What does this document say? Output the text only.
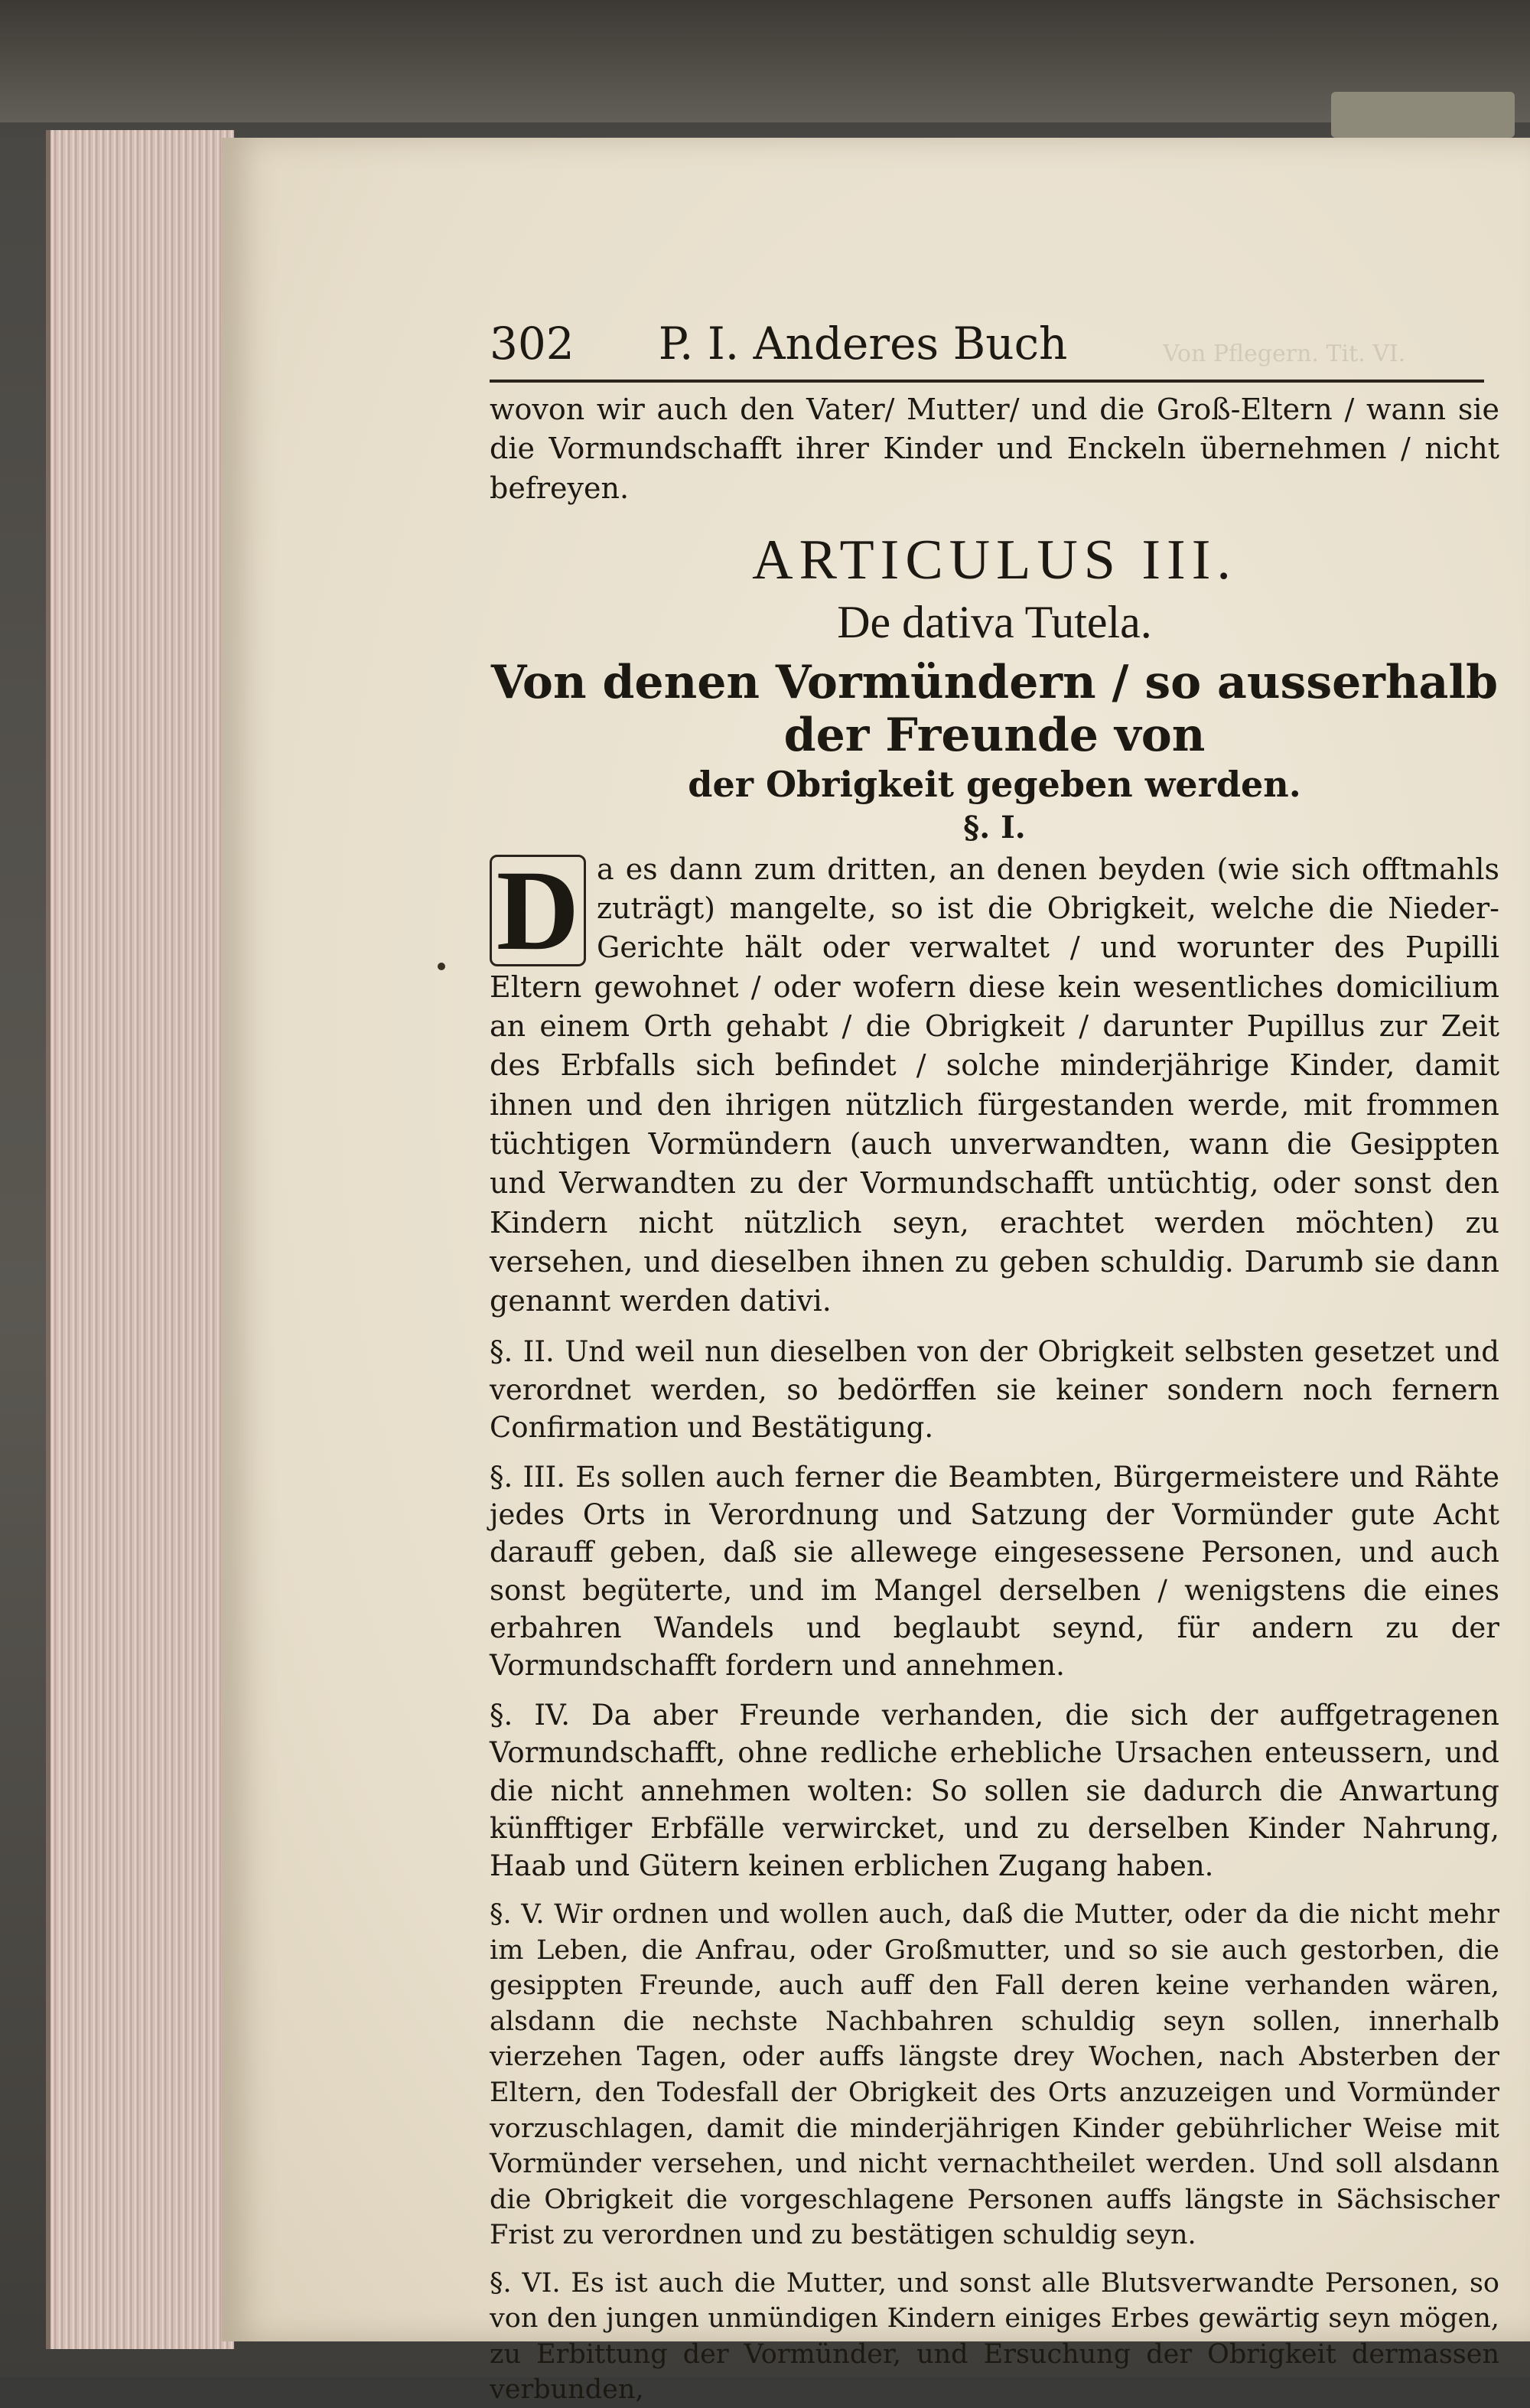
Von Pflegern. Tit. VI.
302 P. I. Anderes Buch

wovon wir auch den Vater/ Mutter/ und die Groß-Eltern / wann sie die Vormundschafft ihrer Kinder und Enckeln übernehmen / nicht befreyen.

ARTICULUS III.
De dativa Tutela.
Von denen Vormündern / so ausserhalb der Freunde von
der Obrigkeit gegeben werden.
§. I.
D a es dann zum dritten, an denen beyden (wie sich offtmahls zuträgt) mangelte, so ist die Obrigkeit, welche die Nieder-Gerichte hält oder verwaltet / und worunter des Pupilli Eltern gewohnet / oder wofern diese kein wesentliches domicilium an einem Orth gehabt / die Obrigkeit / darunter Pupillus zur Zeit des Erbfalls sich befindet / solche minderjährige Kinder, damit ihnen und den ihrigen nützlich fürgestanden werde, mit frommen tüchtigen Vormündern (auch unverwandten, wann die Gesippten und Verwandten zu der Vormundschafft untüchtig, oder sonst den Kindern nicht nützlich seyn, erachtet werden möchten) zu versehen, und dieselben ihnen zu geben schuldig. Darumb sie dann genannt werden dativi.

§. II. Und weil nun dieselben von der Obrigkeit selbsten gesetzet und verordnet werden, so bedörffen sie keiner sondern noch fernern Confirmation und Bestätigung.

§. III. Es sollen auch ferner die Beambten, Bürgermeistere und Rähte jedes Orts in Verordnung und Satzung der Vormünder gute Acht darauff geben, daß sie allewege eingesessene Personen, und auch sonst begüterte, und im Mangel derselben / wenigstens die eines erbahren Wandels und beglaubt seynd, für andern zu der Vormundschafft fordern und annehmen.

§. IV. Da aber Freunde verhanden, die sich der auffgetragenen Vormundschafft, ohne redliche erhebliche Ursachen enteussern, und die nicht annehmen wolten: So sollen sie dadurch die Anwartung künfftiger Erbfälle verwircket, und zu derselben Kinder Nahrung, Haab und Gütern keinen erblichen Zugang haben.

§. V. Wir ordnen und wollen auch, daß die Mutter, oder da die nicht mehr im Leben, die Anfrau, oder Großmutter, und so sie auch gestorben, die gesippten Freunde, auch auff den Fall deren keine verhanden wären, alsdann die nechste Nachbahren schuldig seyn sollen, innerhalb vierzehen Tagen, oder auffs längste drey Wochen, nach Absterben der Eltern, den Todesfall der Obrigkeit des Orts anzuzeigen und Vormünder vorzuschlagen, damit die minderjährigen Kinder gebührlicher Weise mit Vormünder versehen, und nicht vernachtheilet werden. Und soll alsdann die Obrigkeit die vorgeschlagene Personen auffs längste in Sächsischer Frist zu verordnen und zu bestätigen schuldig seyn.

§. VI. Es ist auch die Mutter, und sonst alle Blutsverwandte Personen, so von den jungen unmündigen Kindern einiges Erbes gewärtig seyn mögen, zu Erbittung der Vormünder, und Ersuchung der Obrigkeit dermassen verbunden,
